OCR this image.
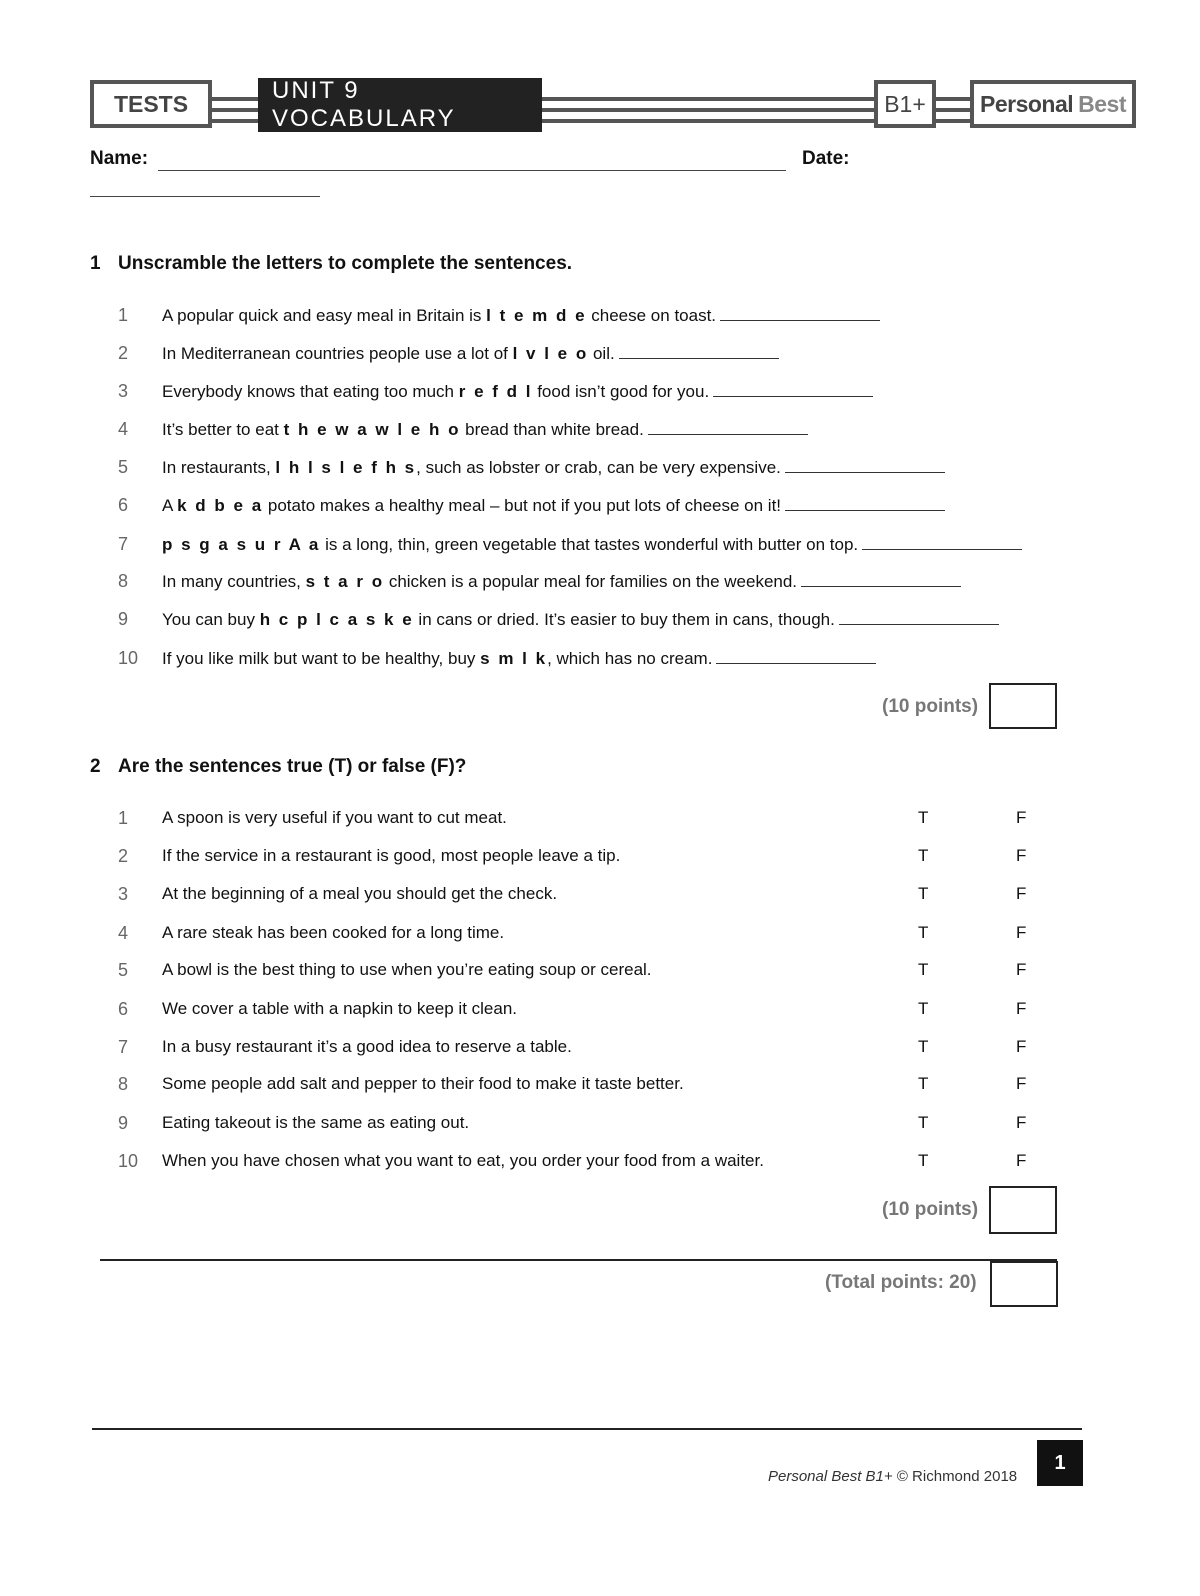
TESTS	UNIT 9 VOCABULARY
B1+	Personal Best
Name:	Date:
1 Unscramble the letters to complete the sentences.
1	A popular quick and easy meal in Britain is l t e m d e cheese on toast.
2	In Mediterranean countries people use a lot of l v l e o oil.
3	Everybody knows that eating too much r e f d l food isn’t good for you.
4	It’s better to eat t h e w a w l e h o bread than white bread.
5	In restaurants, l h l s l e f h s, such as lobster or crab, can be very expensive.
6	A k d b e a potato makes a healthy meal – but not if you put lots of cheese on it!
7	p s g a s u r A a is a long, thin, green vegetable that tastes wonderful with butter on top.
8	In many countries, s t a r o chicken is a popular meal for families on the weekend.
9	You can buy h c p l c a s k e in cans or dried. It’s easier to buy them in cans, though.
10 If you like milk but want to be healthy, buy s m l k, which has no cream.
(10 points)
2 Are the sentences true (T) or false (F)?
1	A spoon is very useful if you want to cut meat.	T	F
2	If the service in a restaurant is good, most people leave a tip.	T	F
3	At the beginning of a meal you should get the check.	T	F
4	A rare steak has been cooked for a long time.	T	F
5	A bowl is the best thing to use when you’re eating soup or cereal.	T	F
6	We cover a table with a napkin to keep it clean.	T	F
7	In a busy restaurant it’s a good idea to reserve a table.	T	F
8	Some people add salt and pepper to their food to make it taste better.	T	F
9	Eating takeout is the same as eating out.	T	F
10 When you have chosen what you want to eat, you order your food from a waiter.	T	F
(10 points)
(Total points: 20)
Personal Best B1+ © Richmond 2018
1
